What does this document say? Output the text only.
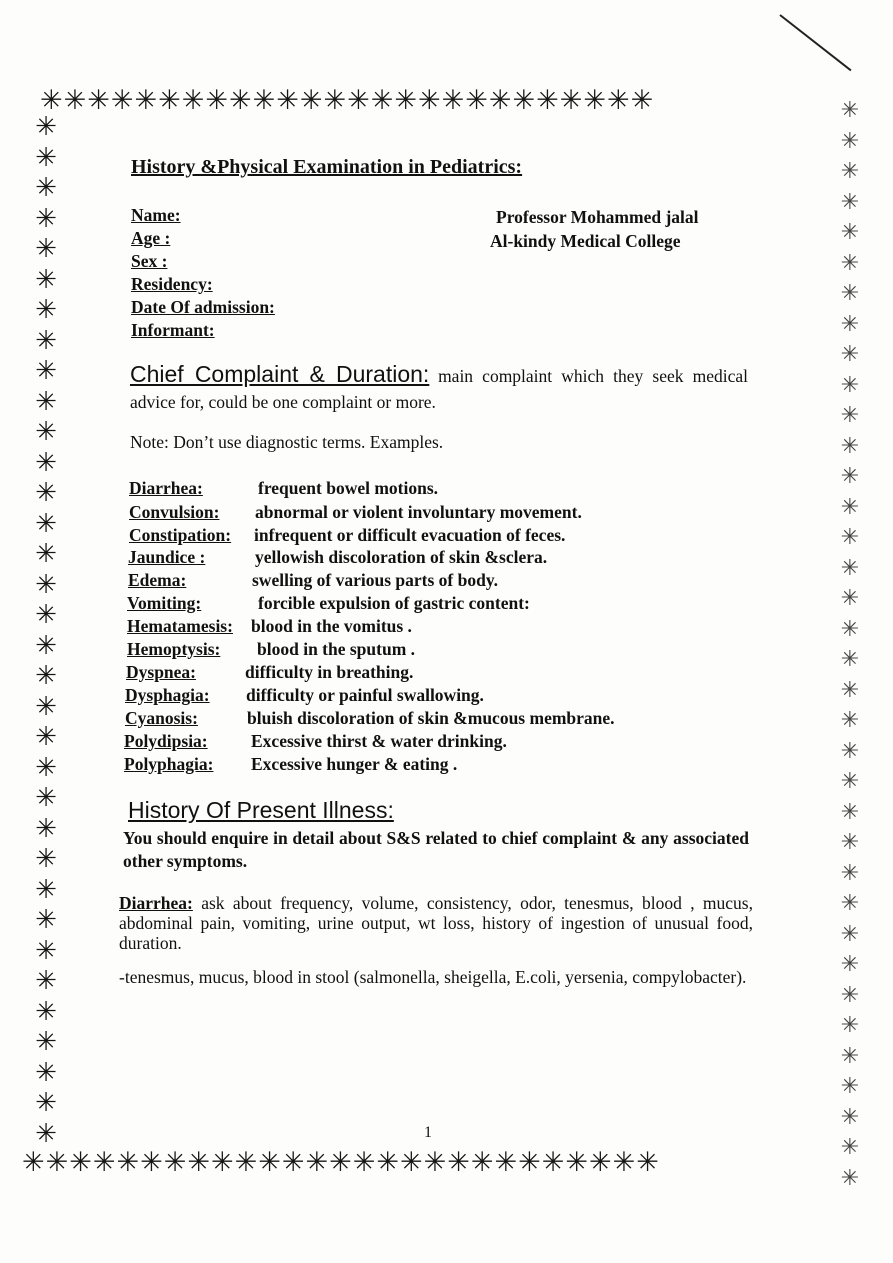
✳✳✳✳✳✳✳✳✳✳✳✳✳✳✳✳✳✳✳✳✳✳✳✳✳✳
✳✳✳✳✳✳✳✳✳✳✳✳✳✳✳✳✳✳✳✳✳✳✳✳✳✳✳✳✳✳✳✳✳✳
✳✳✳✳✳✳✳✳✳✳✳✳✳✳✳✳✳✳✳✳✳✳✳✳✳✳✳✳✳✳✳✳✳✳✳✳
✳✳✳✳✳✳✳✳✳✳✳✳✳✳✳✳✳✳✳✳✳✳✳✳✳✳✳
History &Physical Examination in Pediatrics:
Name:
Age :
Sex :
Residency:
Date Of admission:
Informant:
Professor Mohammed jalal
Al-kindy Medical College
Chief Complaint & Duration: main complaint which they seek medical advice for, could be one complaint or more.
Note: Don’t use diagnostic terms. Examples.
Diarrhea:	frequent bowel motions.
Convulsion: abnormal or violent involuntary movement.
Constipation: infrequent or difficult evacuation of feces.
Jaundice :	yellowish discoloration of skin &sclera.
Edema:	swelling of various parts of body.
Vomiting:	forcible expulsion of gastric content:
Hematamesis: blood in the vomitus .
Hemoptysis: blood in the sputum .
Dyspnea:	difficulty in breathing.
Dysphagia: difficulty or painful swallowing.
Cyanosis:	bluish discoloration of skin &mucous membrane.
Polydipsia: Excessive thirst & water drinking.
Polyphagia: Excessive hunger & eating .
History Of Present Illness:
You should enquire in detail about S&S related to chief complaint & any associated other symptoms.
Diarrhea: ask about frequency, volume, consistency, odor, tenesmus, blood , mucus, abdominal pain, vomiting, urine output, wt loss, history of ingestion of unusual food, duration.
-tenesmus, mucus, blood in stool (salmonella, sheigella, E.coli, yersenia, compylobacter).
1
